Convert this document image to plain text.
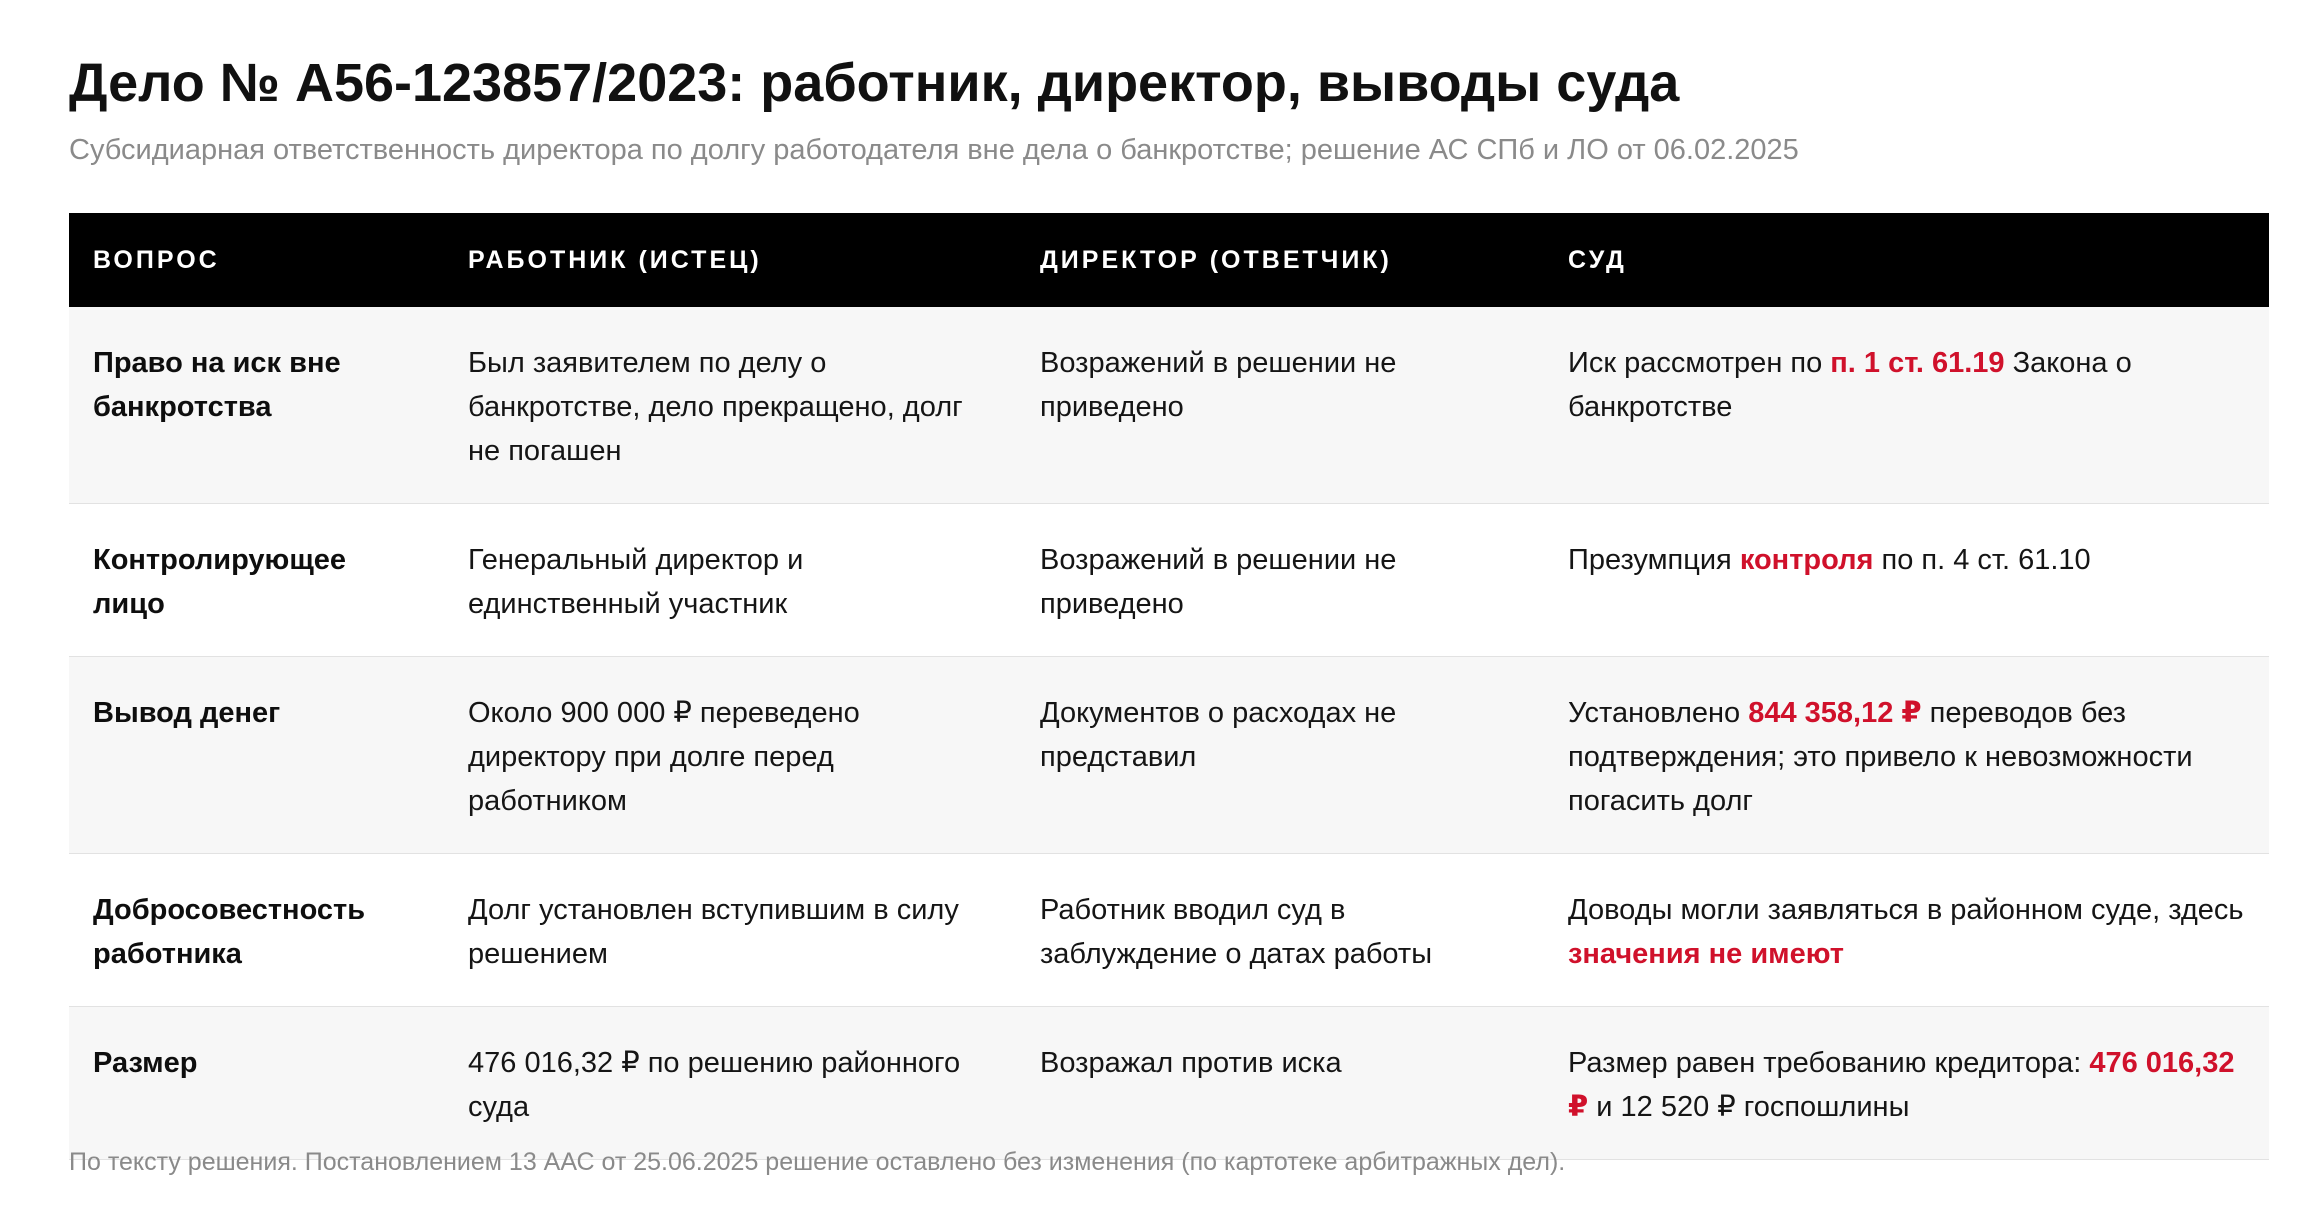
Дело № А56-123857/2023: работник, директор, выводы суда
Субсидиарная ответственность директора по долгу работодателя вне дела о банкротстве; решение АС СПб и ЛО от 06.02.2025
ВОПРОС	РАБОТНИК (ИСТЕЦ)	ДИРЕКТОР (ОТВЕТЧИК)	СУД
Право на иск вне банкротства	Был заявителем по делу о банкротстве, дело прекращено, долг не погашен	Возражений в решении не приведено	Иск рассмотрен по п. 1 ст. 61.19 Закона о банкротстве
Контролирующее лицо	Генеральный директор и единственный участник	Возражений в решении не приведено	Презумпция контроля по п. 4 ст. 61.10
Вывод денег	Около 900 000 ₽ переведено директору при долге перед работником	Документов о расходах не представил	Установлено 844 358,12 ₽ переводов без подтверждения; это привело к невозможности погасить долг
Добросовестность работника	Долг установлен вступившим в силу решением	Работник вводил суд в заблуждение о датах работы	Доводы могли заявляться в районном суде, здесь значения не имеют
Размер	476 016,32 ₽ по решению районного суда	Возражал против иска	Размер равен требованию кредитора: 476 016,32 ₽ и 12 520 ₽ госпошлины
По тексту решения. Постановлением 13 ААС от 25.06.2025 решение оставлено без изменения (по картотеке арбитражных дел).
